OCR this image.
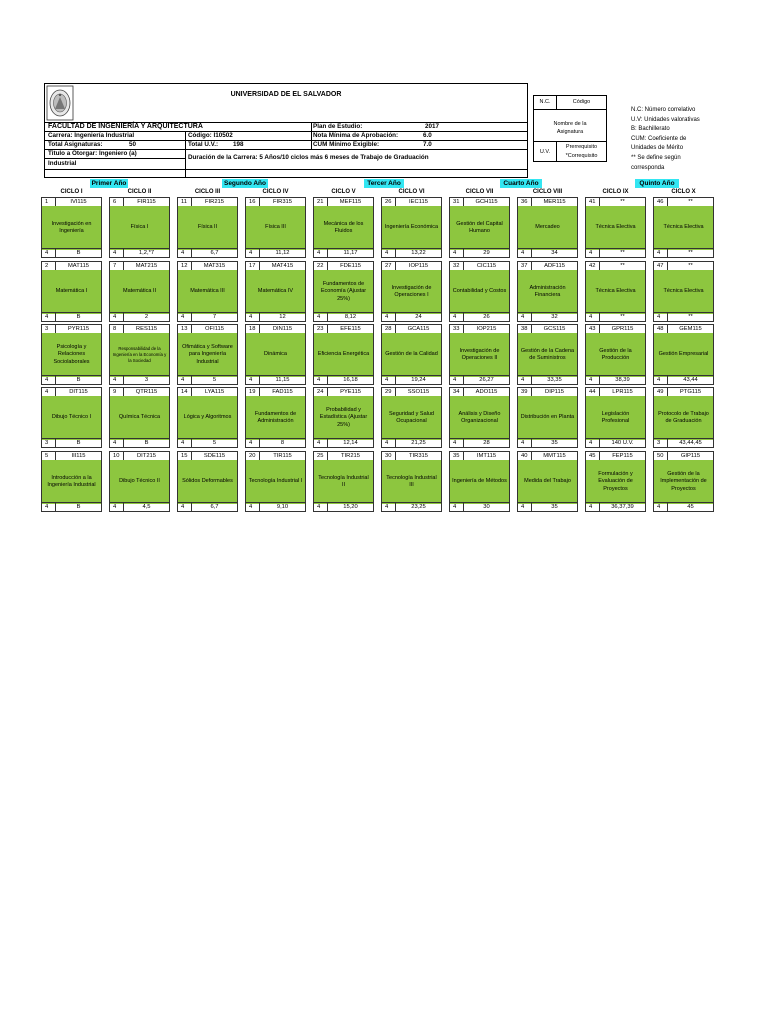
UNIVERSIDAD DE EL SALVADOR
FACULTAD DE INGENIERÍA Y ARQUITECTURA	Plan de Estudio:	2017
Carrera: Ingeniería Industrial	Código: I10502	Nota Mínima de Aprobación:	6.0
Total Asignaturas:	50	Total U.V.: 198	CUM Mínimo Exigible:	7.0
Titulo a Otorgar: Ingeniero (a)
Industrial
Duración de la Carrera: 5 Años/10 ciclos más 6 meses de Trabajo de Graduación
N.C.	Código
Nombre de la
Asignatura
U.V.
Prerrequisito
*Correquisito
N.C: Número correlativo
U.V: Unidades valorativas
B: Bachillerato
CUM: Coeficiente de
Unidades de Mérito
** Se define según
corresponda
Primer Año	Segundo Año	Tercer Año	Cuarto Año	Quinto Año
CICLO I	CICLO II	CICLO III	CICLO IV	CICLO V	CICLO VI	CICLO VII	CICLO VIII	CICLO IX	CICLO X
1	IVI115
Investigación en Ingeniería
4	B
6	FIR115
Física I
4	1,2,*7
11	FIR215
Física II
4	6,7
16	FIR315
Física III
4	11,12
21	MEF115
Mecánica de los Fluidos
4	11,17
26	IEC115
Ingeniería Económica
4	13,22
31	GCH115
Gestión del Capital Humano
4	29
36	MER115
Mercadeo
4	34
41	**
Técnica Electiva
4	**
46	**
Técnica Electiva
4	**
2	MAT115
Matemática I
4	B
7	MAT215
Matemática II
4	2
12	MAT315
Matemática III
4	7
17	MAT415
Matemática IV
4	12
22	FDE115
Fundamentos de Economía (Ajustar 25%)
4	8,12
27	IOP115
Investigación de Operaciones I
4	24
32	CIC115
Contabilidad y Costos
4	26
37	ADF115
Administración Financiera
4	32
42	**
Técnica Electiva
4	**
47	**
Técnica Electiva
4	**
3	PYR115
Psicología y Relaciones Sociolaborales
4	B
8	RES115
Responsabilidad de la Ingeniería en la Economía y la Sociedad
4	3
13	OFI115
Ofimática y Software para Ingeniería Industrial
4	5
18	DIN115
Dinámica
4	11,15
23	EFE115
Eficiencia Energética
4	16,18
28	GCA115
Gestión de la Calidad
4	19,24
33	IOP215
Investigación de Operaciones II
4	26,27
38	GCS115
Gestión de la Cadena de Suministros
4	33,35
43	GPR115
Gestión de la Producción
4	38,39
48	GEM115
Gestión Empresarial
4	43,44
4	DIT115
Dibujo Técnico I
3	B
9	QTR115
Química Técnica
4	B
14	LYA115
Lógica y Algoritmos
4	5
19	FAD115
Fundamentos de Administración
4	8
24	PYE115
Probabilidad y Estadística (Ajustar 25%)
4	12,14
29	SSO115
Seguridad y Salud Ocupacional
4	21,25
34	ADO115
Análisis y Diseño Organizacional
4	28
39	DIP115
Distribución en Planta
4	35
44	LPR115
Legislación Profesional
4	140 U.V.
49	PTG115
Protocolo de Trabajo de Graduación
3	43,44,45
5	III115
Introducción a la Ingeniería Industrial
4	B
10	DIT215
Dibujo Técnico II
4	4,5
15	SDE115
Sólidos Deformables
4	6,7
20	TIR115
Tecnología Industrial I
4	9,10
25	TIR215
Tecnología Industrial II
4	15,20
30	TIR315
Tecnología Industrial III
4	23,25
35	IMT115
Ingeniería de Métodos
4	30
40	MMT115
Medida del Trabajo
4	35
45	FEP115
Formulación y Evaluación de Proyectos
4	36,37,39
50	GIP115
Gestión de la Implementación de Proyectos
4	45
